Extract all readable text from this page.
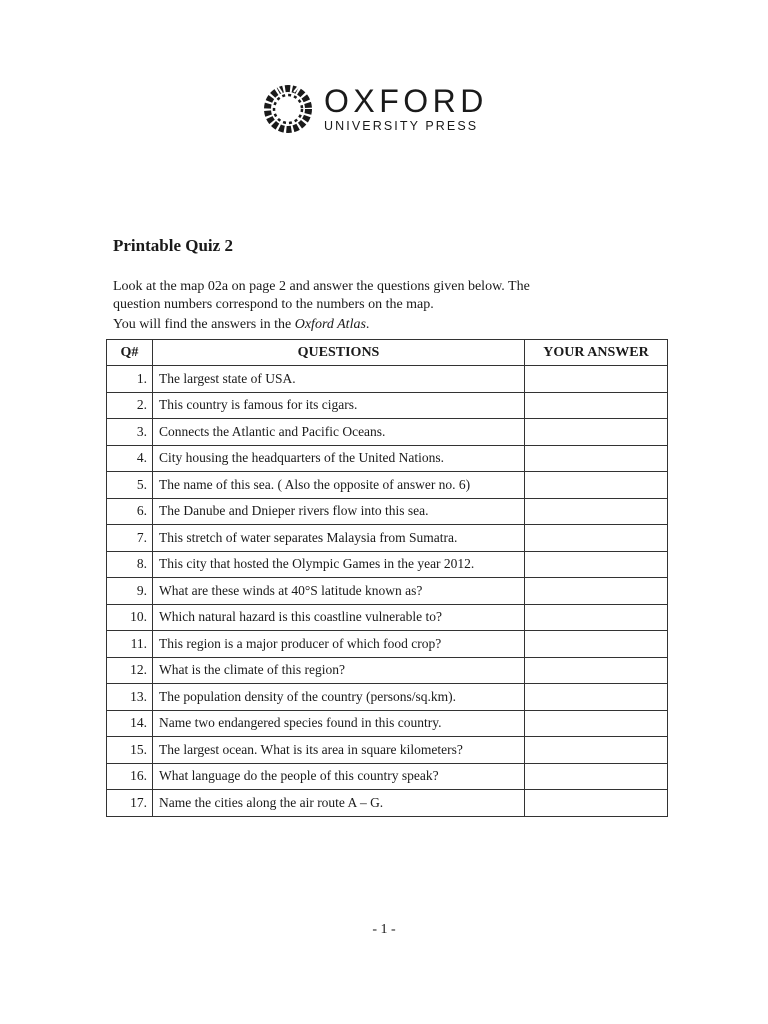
OXFORD
UNIVERSITY PRESS
Printable Quiz 2
Look at the map 02a on page 2 and answer the questions given below. The question numbers correspond to the numbers on the map.
You will find the answers in the Oxford Atlas.
Q#	QUESTIONS	YOUR ANSWER
1.	The largest state of USA.	
2.	This country is famous for its cigars.	
3.	Connects the Atlantic and Pacific Oceans.	
4.	City housing the headquarters of the United Nations.	
5.	The name of this sea. ( Also the opposite of answer no. 6)	
6.	The Danube and Dnieper rivers flow into this sea.	
7.	This stretch of water separates Malaysia from Sumatra.	
8.	This city that hosted the Olympic Games in the year 2012.	
9.	What are these winds at 40°S latitude known as?	
10.	Which natural hazard is this coastline vulnerable to?	
11.	This region is a major producer of which food crop?	
12.	What is the climate of this region?	
13.	The population density of the country (persons/sq.km).	
14.	Name two endangered species found in this country.	
15.	The largest ocean. What is its area in square kilometers?	
16.	What language do the people of this country speak?	
17.	Name the cities along the air route A – G.	
- 1 -
